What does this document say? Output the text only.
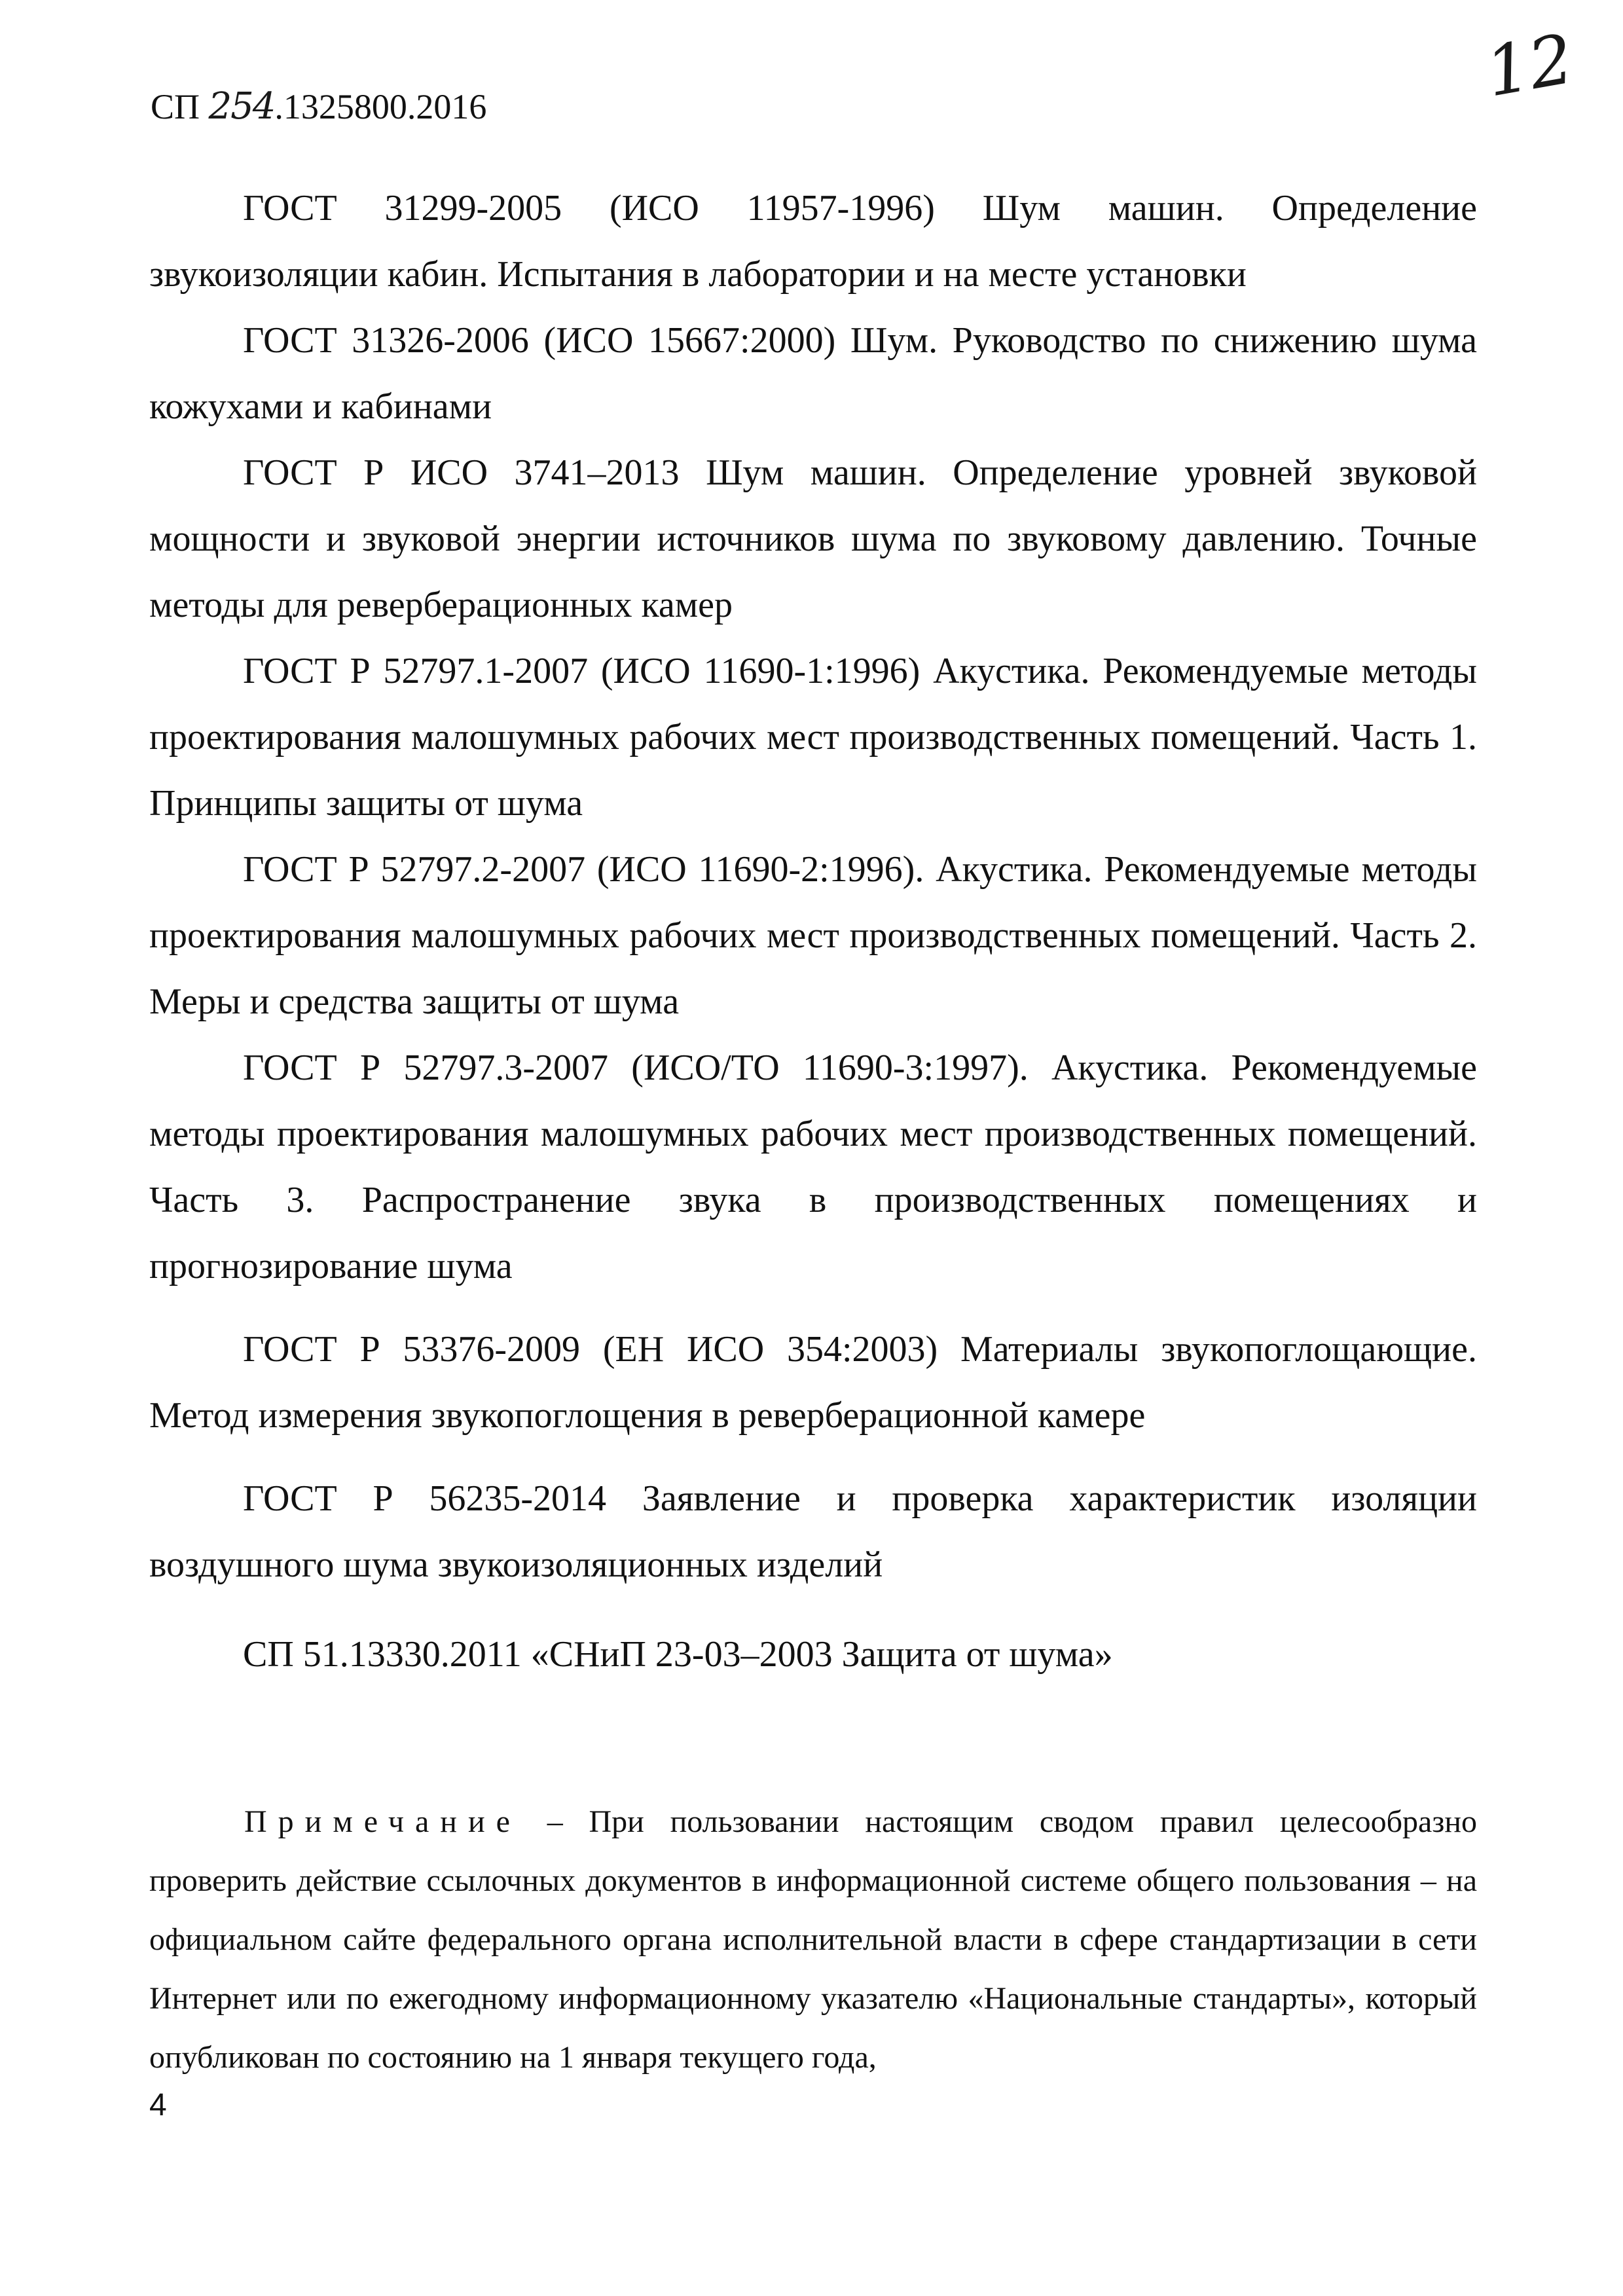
СП 254.1325800.2016	12

ГОСТ 31299-2005 (ИСО 11957-1996) Шум машин. Определение звукоизоляции кабин. Испытания в лаборатории и на месте установки

ГОСТ 31326-2006 (ИСО 15667:2000) Шум. Руководство по снижению шума кожухами и кабинами

ГОСТ Р ИСО 3741–2013 Шум машин. Определение уровней звуковой мощности и звуковой энергии источников шума по звуковому давлению. Точные методы для реверберационных камер

ГОСТ Р 52797.1-2007 (ИСО 11690-1:1996) Акустика. Рекомендуемые методы проектирования малошумных рабочих мест производственных помещений. Часть 1. Принципы защиты от шума

ГОСТ Р 52797.2-2007 (ИСО 11690-2:1996). Акустика. Рекомендуемые методы проектирования малошумных рабочих мест производственных помещений. Часть 2. Меры и средства защиты от шума

ГОСТ Р 52797.3-2007 (ИСО/ТО 11690-3:1997). Акустика. Рекомендуемые методы проектирования малошумных рабочих мест производственных помещений. Часть 3. Распространение звука в производственных помещениях и прогнозирование шума

ГОСТ Р 53376-2009 (ЕН ИСО 354:2003) Материалы звукопоглощающие. Метод измерения звукопоглощения в реверберационной камере

ГОСТ Р 56235-2014 Заявление и проверка характеристик изоляции воздушного шума звукоизоляционных изделий

СП 51.13330.2011 «СНиП 23-03–2003 Защита от шума»

Примечание – При пользовании настоящим сводом правил целесообразно проверить действие ссылочных документов в информационной системе общего пользования – на официальном сайте федерального органа исполнительной власти в сфере стандартизации в сети Интернет или по ежегодному информационному указателю «Национальные стандарты», который опубликован по состоянию на 1 января текущего года,
4
